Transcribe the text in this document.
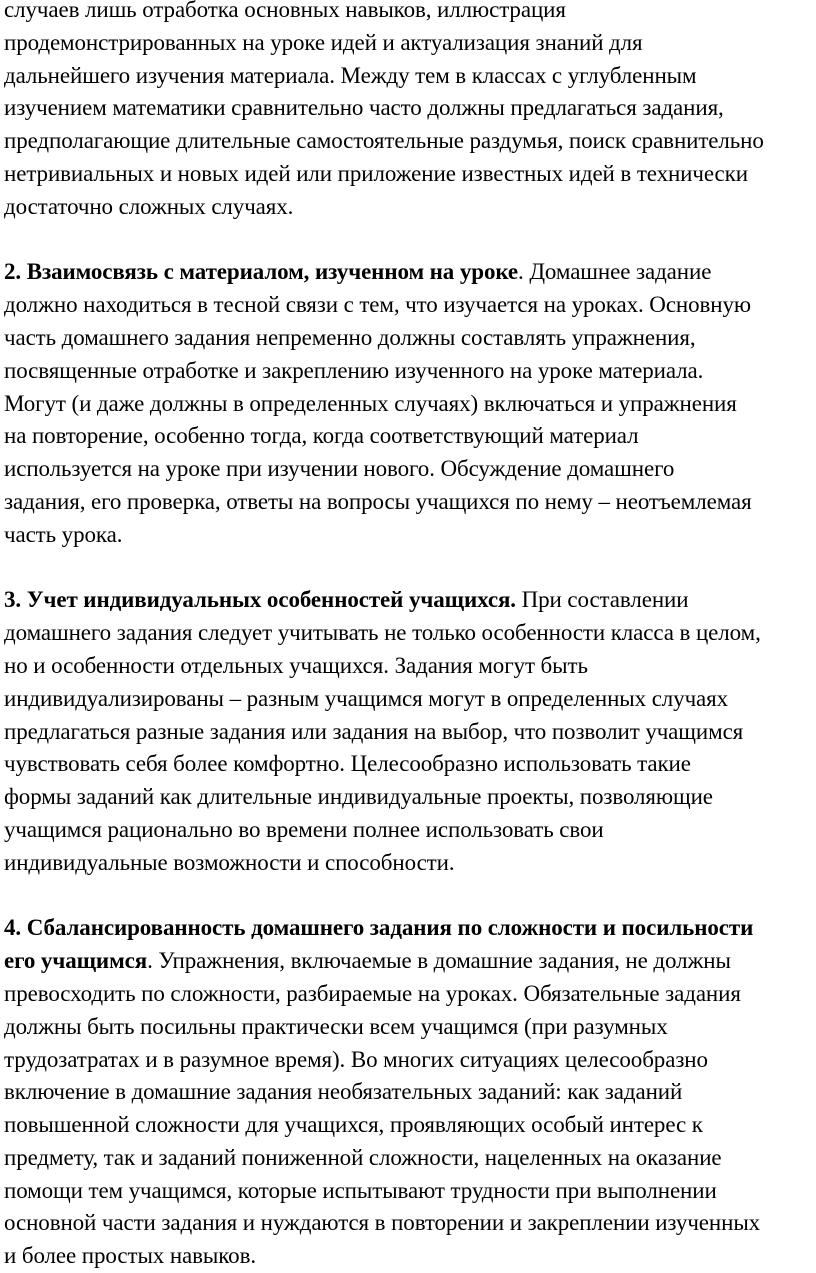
случаев лишь отработка основных навыков, иллюстрация
продемонстрированных на уроке идей и актуализация знаний для
дальнейшего изучения материала. Между тем в классах с углубленным
изучением математики сравнительно часто должны предлагаться задания,
предполагающие длительные самостоятельные раздумья, поиск сравнительно
нетривиальных и новых идей или приложение известных идей в технически
достаточно сложных случаях.

2. Взаимосвязь с материалом, изученном на уроке. Домашнее задание
должно находиться в тесной связи с тем, что изучается на уроках. Основную
часть домашнего задания непременно должны составлять упражнения,
посвященные отработке и закреплению изученного на уроке материала.
Могут (и даже должны в определенных случаях) включаться и упражнения
на повторение, особенно тогда, когда соответствующий материал
используется на уроке при изучении нового. Обсуждение домашнего
задания, его проверка, ответы на вопросы учащихся по нему – неотъемлемая
часть урока.

3. Учет индивидуальных особенностей учащихся. При составлении
домашнего задания следует учитывать не только особенности класса в целом,
но и особенности отдельных учащихся. Задания могут быть
индивидуализированы – разным учащимся могут в определенных случаях
предлагаться разные задания или задания на выбор, что позволит учащимся
чувствовать себя более комфортно. Целесообразно использовать такие
формы заданий как длительные индивидуальные проекты, позволяющие
учащимся рационально во времени полнее использовать свои
индивидуальные возможности и способности.

4. Сбалансированность домашнего задания по сложности и посильности
его учащимся. Упражнения, включаемые в домашние задания, не должны
превосходить по сложности, разбираемые на уроках. Обязательные задания
должны быть посильны практически всем учащимся (при разумных
трудозатратах и в разумное время). Во многих ситуациях целесообразно
включение в домашние задания необязательных заданий: как заданий
повышенной сложности для учащихся, проявляющих особый интерес к
предмету, так и заданий пониженной сложности, нацеленных на оказание
помощи тем учащимся, которые испытывают трудности при выполнении
основной части задания и нуждаются в повторении и закреплении изученных
и более простых навыков.
